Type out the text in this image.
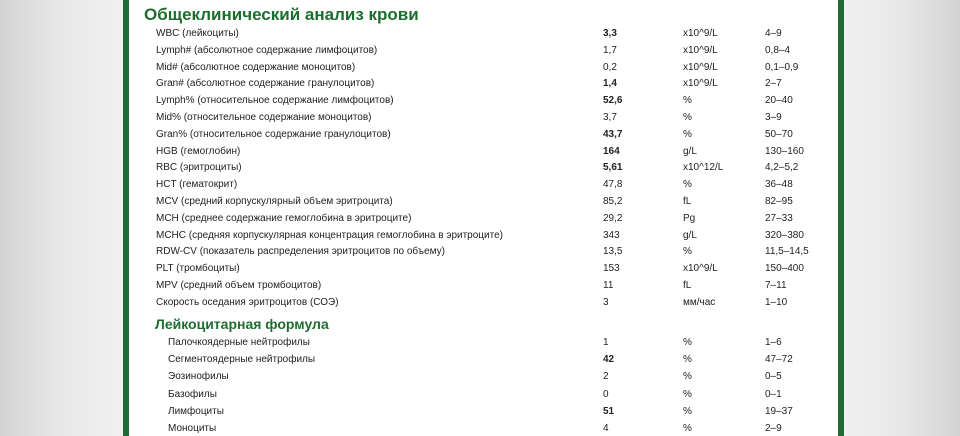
Общеклинический анализ крови
WBC (лейкоциты)	3,3	x10^9/L	4–9
Lymph# (абсолютное содержание лимфоцитов)	1,7	x10^9/L	0,8–4
Mid# (абсолютное содержание моноцитов)	0,2	x10^9/L	0,1–0,9
Gran# (абсолютное содержание гранулоцитов)	1,4	x10^9/L	2–7
Lymph% (относительное содержание лимфоцитов)	52,6	%	20–40
Mid% (относительное содержание моноцитов)	3,7	%	3–9
Gran% (относительное содержание гранулоцитов)	43,7	%	50–70
HGB (гемоглобин)	164	g/L	130–160
RBC (эритроциты)	5,61	x10^12/L	4,2–5,2
HCT (гематокрит)	47,8	%	36–48
MCV (средний корпускулярный объем эритроцита)	85,2	fL	82–95
MCH (среднее содержание гемоглобина в эритроците)	29,2	Pg	27–33
MCHC (средняя корпускулярная концентрация гемоглобина в эритроците)	343	g/L	320–380
RDW-CV (показатель распределения эритроцитов по объему)	13,5	%	11,5–14,5
PLT (тромбоциты)	153	x10^9/L	150–400
MPV (средний объем тромбоцитов)	11	fL	7–11
Скорость оседания эритроцитов (СОЭ)	3	мм/час	1–10
Лейкоцитарная формула
Палочкоядерные нейтрофилы	1	%	1–6
Сегментоядерные нейтрофилы	42	%	47–72
Эозинофилы	2	%	0–5
Базофилы	0	%	0–1
Лимфоциты	51	%	19–37
Моноциты	4	%	2–9
